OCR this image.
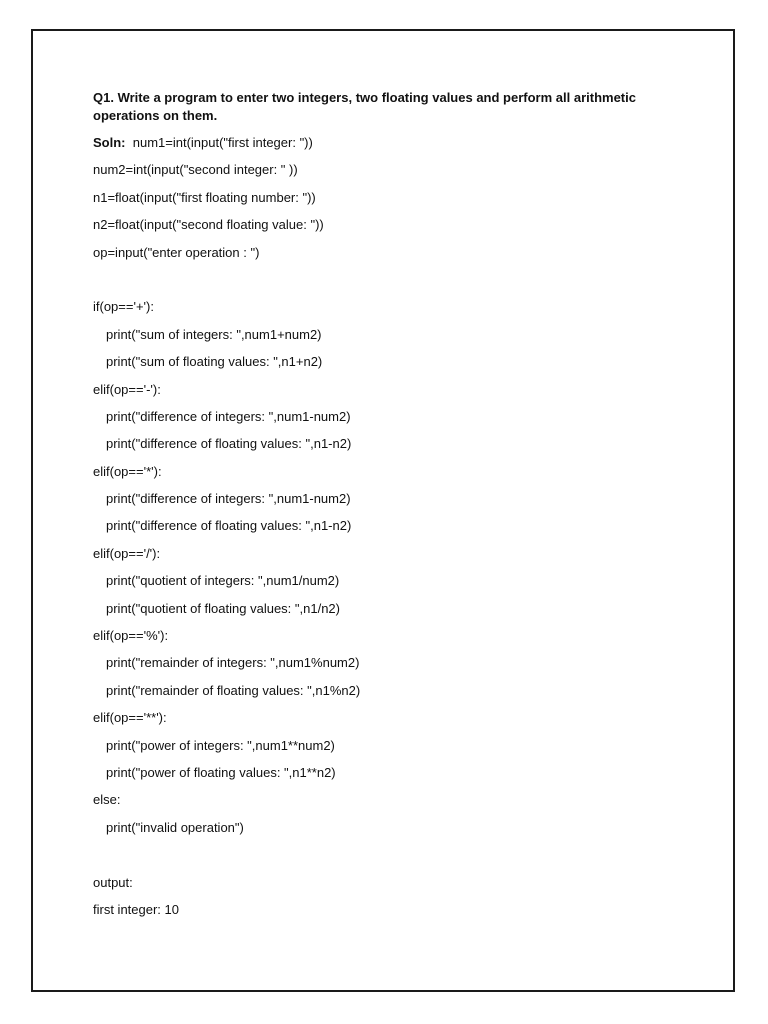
Q1. Write a program to enter two integers, two floating values and perform all arithmetic operations on them.
Soln: num1=int(input("first integer: "))
num2=int(input("second integer: " ))
n1=float(input("first floating number: "))
n2=float(input("second floating value: "))
op=input("enter operation : ")
if(op=='+'):
print("sum of integers: ",num1+num2)
print("sum of floating values: ",n1+n2)
elif(op=='-'):
print("difference of integers: ",num1-num2)
print("difference of floating values: ",n1-n2)
elif(op=='*'):
print("difference of integers: ",num1-num2)
print("difference of floating values: ",n1-n2)
elif(op=='/'):
print("quotient of integers: ",num1/num2)
print("quotient of floating values: ",n1/n2)
elif(op=='%'):
print("remainder of integers: ",num1%num2)
print("remainder of floating values: ",n1%n2)
elif(op=='**'):
print("power of integers: ",num1**num2)
print("power of floating values: ",n1**n2)
else:
print("invalid operation")
output:
first integer: 10
